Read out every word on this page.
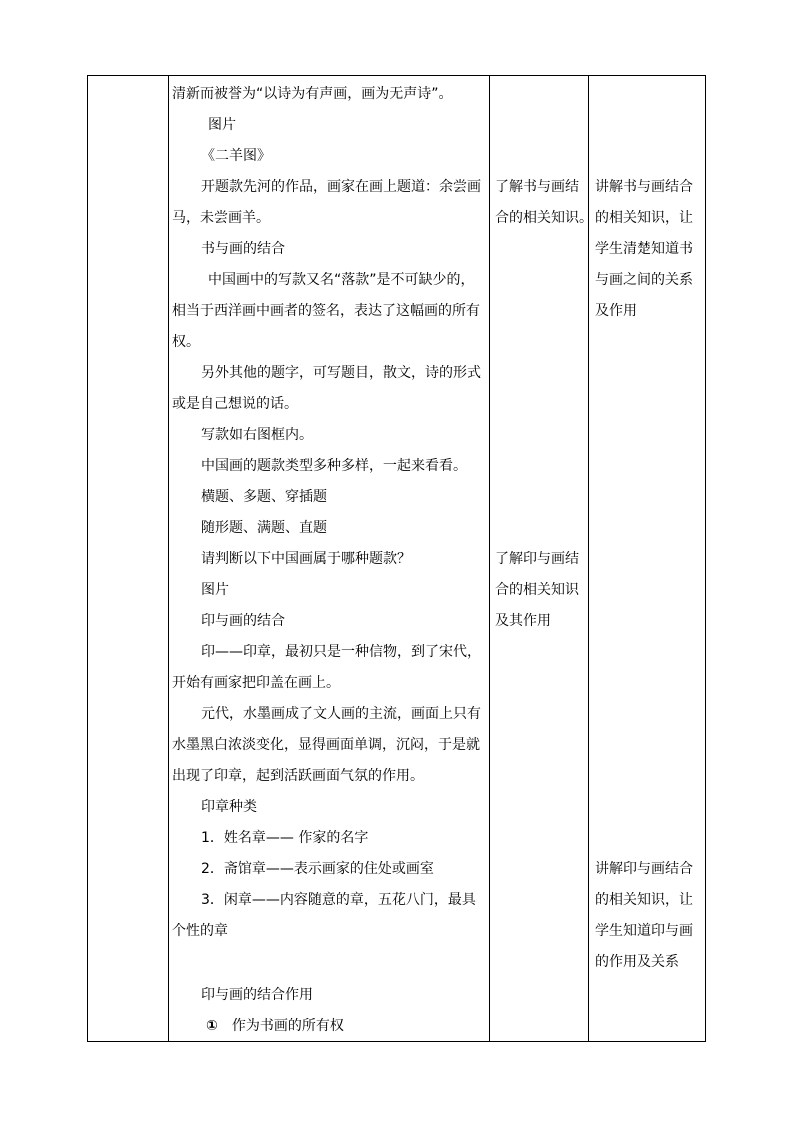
清新而被誉为“以诗为有声画，画为无声诗”。
图片
《二羊图》
开题款先河的作品，画家在画上题道：余尝画
马，未尝画羊。
书与画的结合
中国画中的写款又名“落款”是不可缺少的，
相当于西洋画中画者的签名，表达了这幅画的所有
权。
另外其他的题字，可写题目，散文，诗的形式
或是自己想说的话。
写款如右图框内。
中国画的题款类型多种多样，一起来看看。
横题、多题、穿插题
随形题、满题、直题
请判断以下中国画属于哪种题款？
图片
印与画的结合
印——印章，最初只是一种信物，到了宋代，
开始有画家把印盖在画上。
元代，水墨画成了文人画的主流，画面上只有
水墨黑白浓淡变化，显得画面单调，沉闷，于是就
出现了印章，起到活跃画面气氛的作用。
印章种类
1．姓名章—— 作家的名字
2．斋馆章——表示画家的住处或画室
3．闲章——内容随意的章，五花八门，最具
个性的章
印与画的结合作用
① 作为书画的所有权
了解书与画结
合的相关知识。
了解印与画结
合的相关知识
及其作用
讲解书与画结合
的相关知识，让
学生清楚知道书
与画之间的关系
及作用
讲解印与画结合
的相关知识，让
学生知道印与画
的作用及关系
